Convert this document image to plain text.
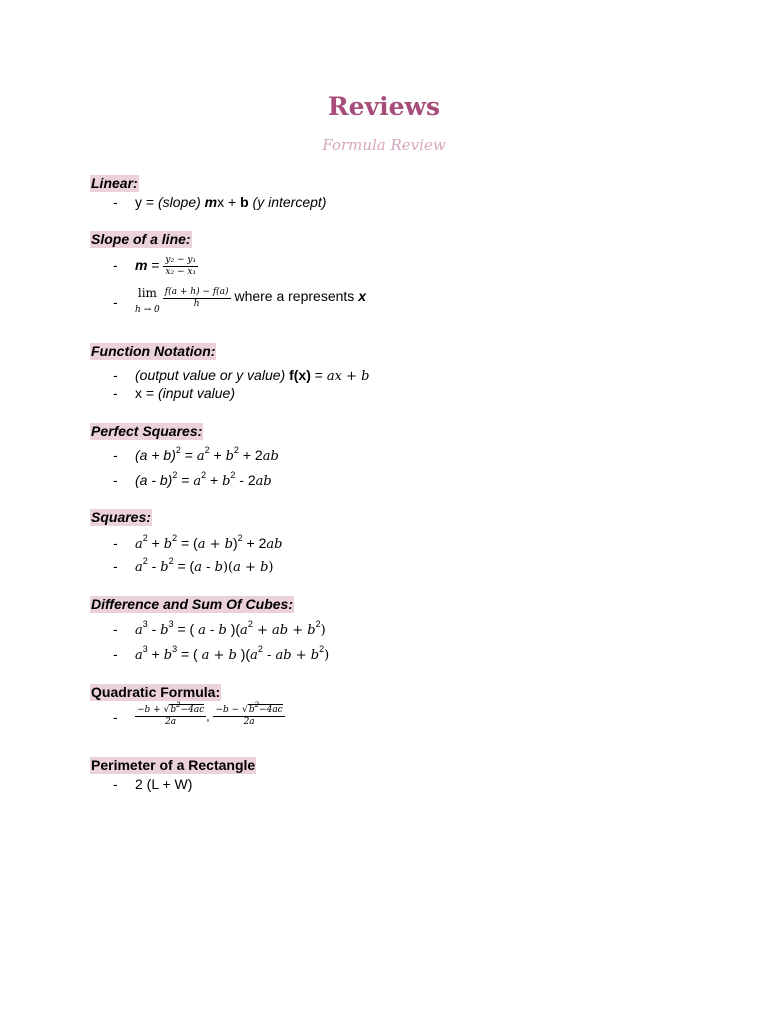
Reviews
Formula Review
Linear:
- y = (slope) mx + b (y intercept)
Slope of a line:
- $m = \frac{\text{y₂ − y₁}}{\text{x₂ − x₁}}$
-lim
$h \to 0 \frac{f(a + h) - f(a)}{h}$ where a represents x
Function Notation:
- (output value or y value) f(x) = ax + b
- x = (input value)
Perfect Squares:
- $(a + b)^2 = a^2 + b^2 + 2ab$
- $(a - b)^2 = a^2 + b^2 - 2ab$
Squares:
- $a^2 + b^2 = (a + b)^2 + 2ab$
- $a^2 - b^2 = (a - b)(a + b)$
Difference and Sum Of Cubes:
- $a^3 - b^3$ = ( a - b )($a^2$ + ab + $b^2$)
- $a^3 + b^3$ = ( a + b )($a^2$ - ab + $b^2$)
Quadratic Formula:
- $\frac{-b + √b^2-4ac}{2a}$ , $\frac{-b - √b^2-4ac}{2a}$
Perimeter of a Rectangle
- 2 (L + W)
